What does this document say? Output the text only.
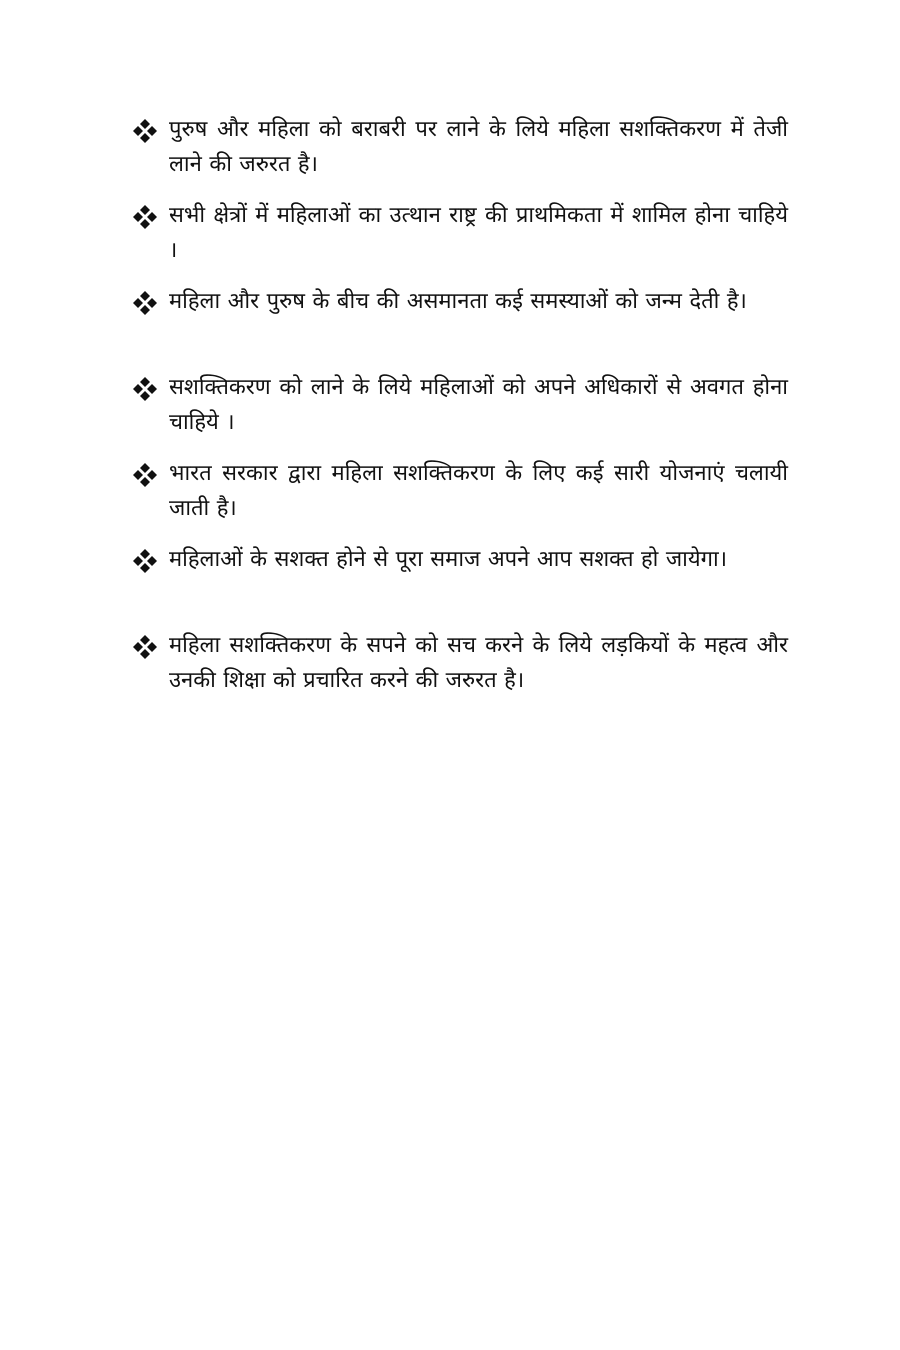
पुरुष और महिला को बराबरी पर लाने के लिये महिला सशक्तिकरण में तेजी लाने की जरुरत है।
सभी क्षेत्रों में महिलाओं का उत्थान राष्ट्र की प्राथमिकता में शामिल होना चाहिये ।
महिला और पुरुष के बीच की असमानता कई समस्याओं को जन्म देती है।
सशक्तिकरण को लाने के लिये महिलाओं को अपने अधिकारों से अवगत होना चाहिये ।
भारत सरकार द्वारा महिला सशक्तिकरण के लिए कई सारी योजनाएं चलायी जाती है।
महिलाओं के सशक्त होने से पूरा समाज अपने आप सशक्त हो जायेगा।
महिला सशक्तिकरण के सपने को सच करने के लिये लड़कियों के महत्व और उनकी शिक्षा को प्रचारित करने की जरुरत है।
